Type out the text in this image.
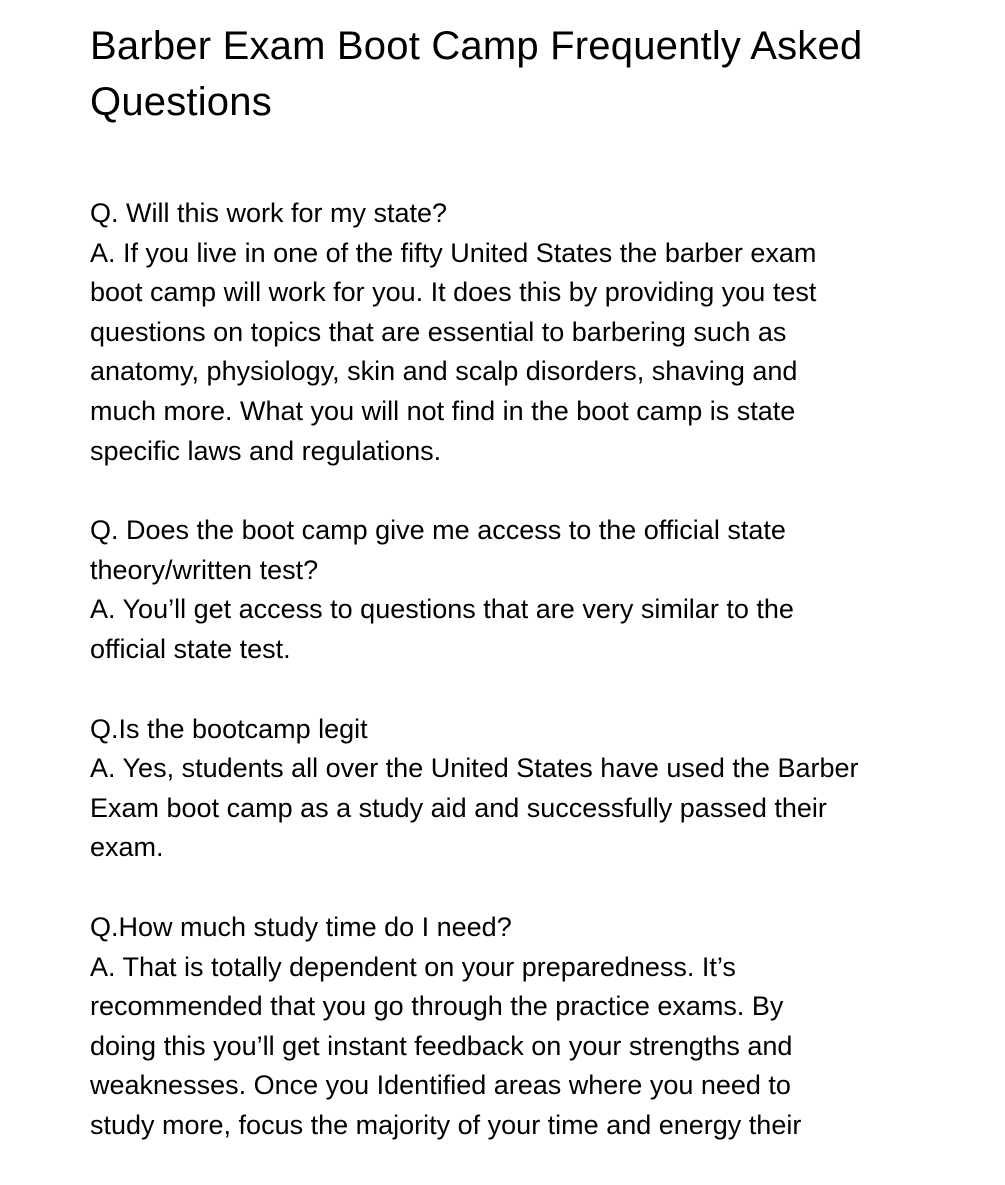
Barber Exam Boot Camp Frequently Asked
Questions
Q. Will this work for my state?
A. If you live in one of the fifty United States the barber exam
boot camp will work for you. It does this by providing you test
questions on topics that are essential to barbering such as
anatomy, physiology, skin and scalp disorders, shaving and
much more. What you will not find in the boot camp is state
specific laws and regulations.
Q. Does the boot camp give me access to the official state
theory/written test?
A. You’ll get access to questions that are very similar to the
official state test.
Q.Is the bootcamp legit
A. Yes, students all over the United States have used the Barber
Exam boot camp as a study aid and successfully passed their
exam.
Q.How much study time do I need?
A. That is totally dependent on your preparedness. It’s
recommended that you go through the practice exams. By
doing this you’ll get instant feedback on your strengths and
weaknesses. Once you Identified areas where you need to
study more, focus the majority of your time and energy their
